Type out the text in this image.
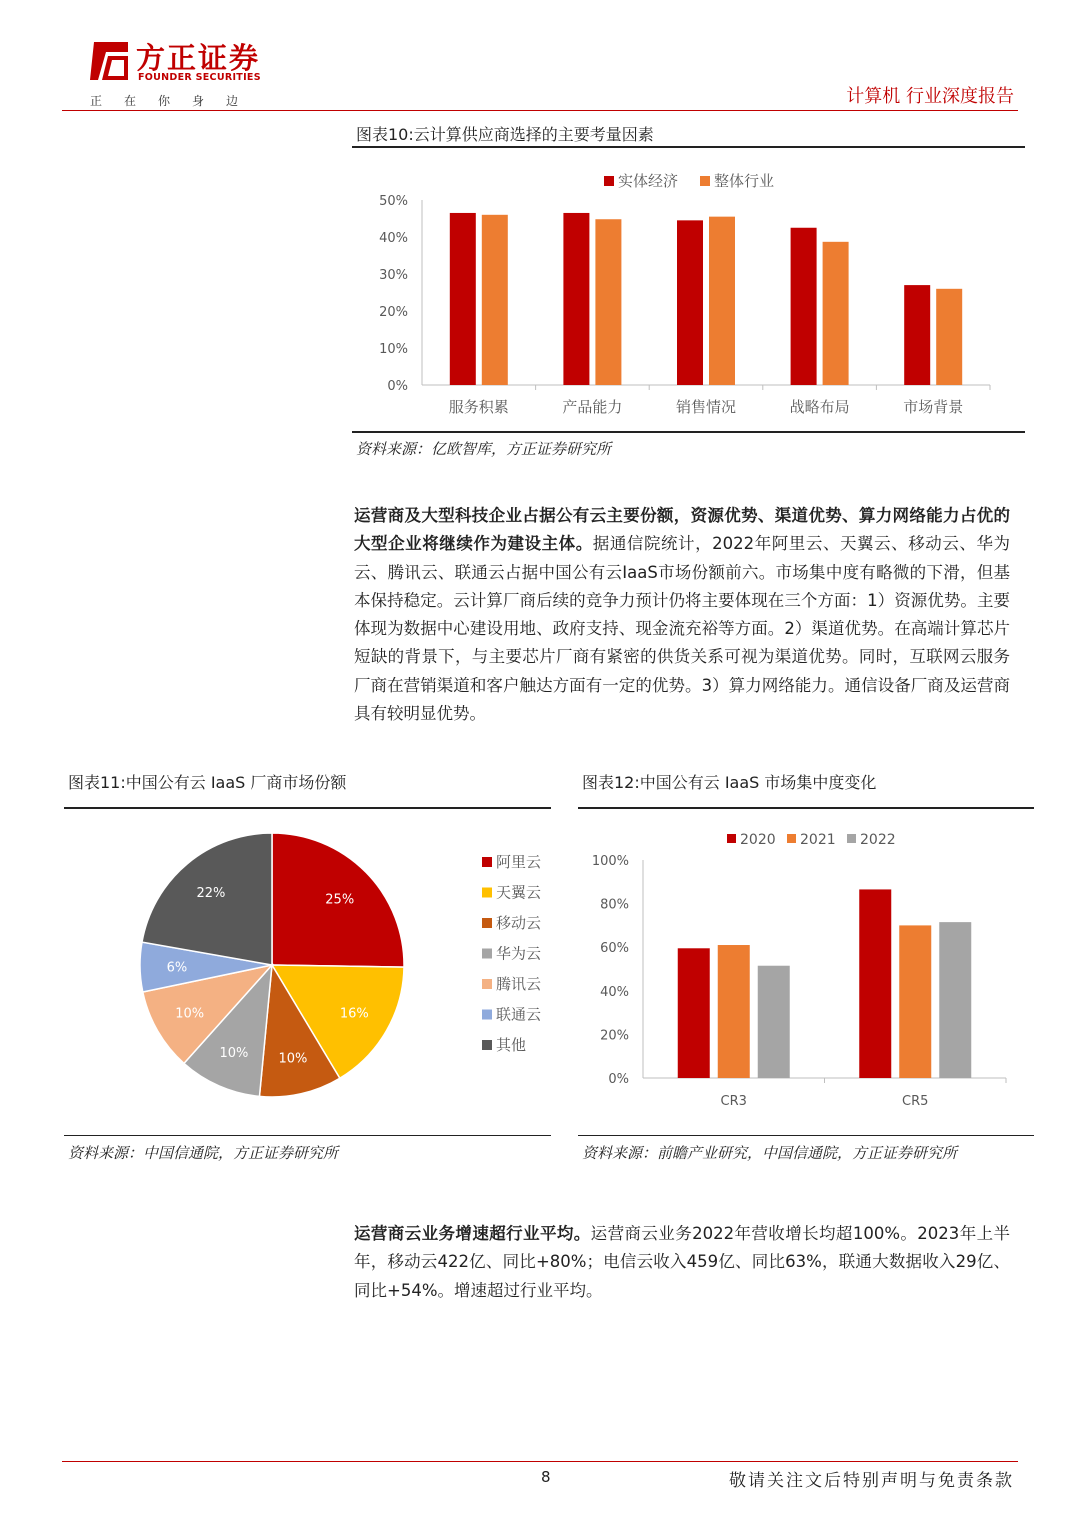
方正证券
FOUNDER SECURITIES
正在你身边	计算机 行业深度报告
图表10:云计算供应商选择的主要考量因素
0%
10%
20%
30%
40%
50%
服务积累	产品能力	销售情况	战略布局	市场背景
实体经济 整体行业
资料来源：亿欧智库，方正证券研究所
运营商及大型科技企业占据公有云主要份额，资源优势、渠道优势、算力网络能力占优的大型企业将继续作为建设主体。据通信院统计，2022年阿里云、天翼云、移动云、华为云、腾讯云、联通云占据中国公有云IaaS市场份额前六。市场集中度有略微的下滑，但基本保持稳定。云计算厂商后续的竞争力预计仍将主要体现在三个方面：1）资源优势。主要体现为数据中心建设用地、政府支持、现金流充裕等方面。2）渠道优势。在高端计算芯片短缺的背景下，与主要芯片厂商有紧密的供货关系可视为渠道优势。同时，互联网云服务厂商在营销渠道和客户触达方面有一定的优势。3）算力网络能力。通信设备厂商及运营商具有较明显优势。
图表11:中国公有云 IaaS 厂商市场份额
25%
16%
10%
10%
10%
6%
22%
阿里云
天翼云
移动云
华为云
腾讯云
联通云
其他
资料来源：中国信通院，方正证券研究所
图表12:中国公有云 IaaS 市场集中度变化
0%
20%
40%
60%
80%
100%
CR3	CR5
2020 2021 2022
资料来源：前瞻产业研究，中国信通院，方正证券研究所
运营商云业务增速超行业平均。运营商云业务2022年营收增长均超100%。2023年上半年，移动云422亿、同比+80%；电信云收入459亿、同比63%，联通大数据收入29亿、同比+54%。增速超过行业平均。
8	敬请关注文后特别声明与免责条款
